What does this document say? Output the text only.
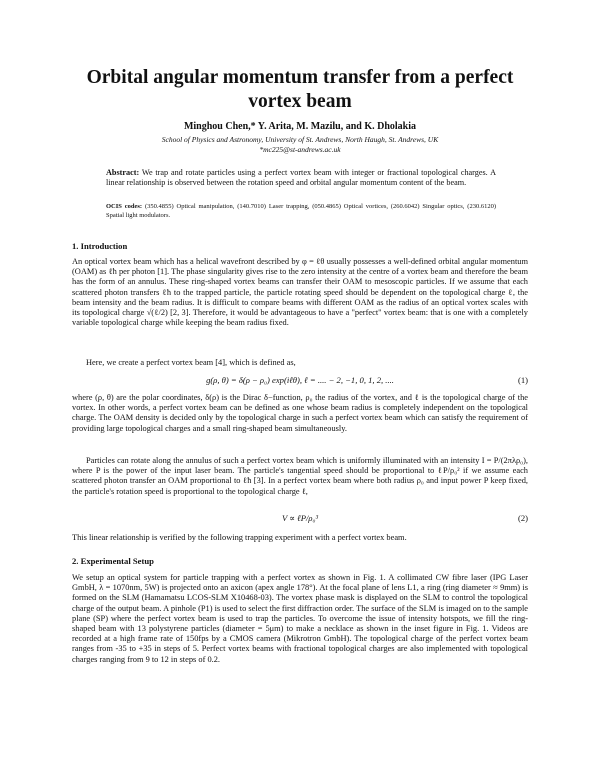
Orbital angular momentum transfer from a perfect vortex beam
Minghou Chen,* Y. Arita, M. Mazilu, and K. Dholakia
School of Physics and Astronomy, University of St. Andrews, North Haugh, St. Andrews, UK
*mc225@st-andrews.ac.uk
Abstract: We trap and rotate particles using a perfect vortex beam with integer or fractional topological charges. A linear relationship is observed between the rotation speed and orbital angular momentum content of the beam.
OCIS codes: (350.4855) Optical manipulation, (140.7010) Laser trapping, (050.4865) Optical vortices, (260.6042) Singular optics, (230.6120) Spatial light modulators.
1. Introduction
An optical vortex beam which has a helical wavefront described by φ = ℓθ usually possesses a well-defined orbital angular momentum (OAM) as ℓħ per photon [1]. The phase singularity gives rise to the zero intensity at the centre of a vortex beam and therefore the beam has the form of an annulus. These ring-shaped vortex beams can transfer their OAM to mesoscopic particles. If we assume that each scattered photon transfers ℓħ to the trapped particle, the particle rotating speed should be dependent on the topological charge ℓ, the beam intensity and the beam radius. It is difficult to compare beams with different OAM as the radius of an optical vortex scales with its topological charge √(ℓ/2) [2, 3]. Therefore, it would be advantageous to have a "perfect" vortex beam: that is one with a completely variable topological charge while keeping the beam radius fixed.
Here, we create a perfect vortex beam [4], which is defined as,
g(ρ, θ) = δ(ρ − ρ₀) exp(iℓθ), ℓ = .... − 2, −1, 0, 1, 2, ....	(1)
where (ρ, θ) are the polar coordinates, δ(ρ) is the Dirac δ−function, ρ₀ the radius of the vortex, and ℓ is the topological charge of the vortex. In other words, a perfect vortex beam can be defined as one whose beam radius is completely independent on the topological charge. The OAM density is decided only by the topological charge in such a perfect vortex beam which can satisfy the requirement of providing large topological charges and a small ring-shaped beam simultaneously.
Particles can rotate along the annulus of such a perfect vortex beam which is uniformly illuminated with an intensity I = P/(2πλρ₀), where P is the power of the input laser beam. The particle's tangential speed should be proportional to ℓP/ρ₀² if we assume each scattered photon transfer an OAM proportional to ℓħ [3]. In a perfect vortex beam where both radius ρ₀ and input power P keep fixed, the particle's rotation speed is proportional to the topological charge ℓ,
V ∝ ℓP/ρ₀³	(2)
This linear relationship is verified by the following trapping experiment with a perfect vortex beam.
2. Experimental Setup
We setup an optical system for particle trapping with a perfect vortex as shown in Fig. 1. A collimated CW fibre laser (IPG Laser GmbH, λ = 1070nm, 5W) is projected onto an axicon (apex angle 178°). At the focal plane of lens L1, a ring (ring diameter ≈ 9mm) is formed on the SLM (Hamamatsu LCOS-SLM X10468-03). The vortex phase mask is displayed on the SLM to control the topological charge of the output beam. A pinhole (P1) is used to select the first diffraction order. The surface of the SLM is imaged on to the sample plane (SP) where the perfect vortex beam is used to trap the particles. To overcome the issue of intensity hotspots, we fill the ring-shaped beam with 13 polystyrene particles (diameter = 5μm) to make a necklace as shown in the inset figure in Fig. 1. Videos are recorded at a high frame rate of 150fps by a CMOS camera (Mikrotron GmbH). The topological charge of the perfect vortex beam ranges from -35 to +35 in steps of 5. Perfect vortex beams with fractional topological charges are also implemented with topological charges ranging from 9 to 12 in steps of 0.2.
